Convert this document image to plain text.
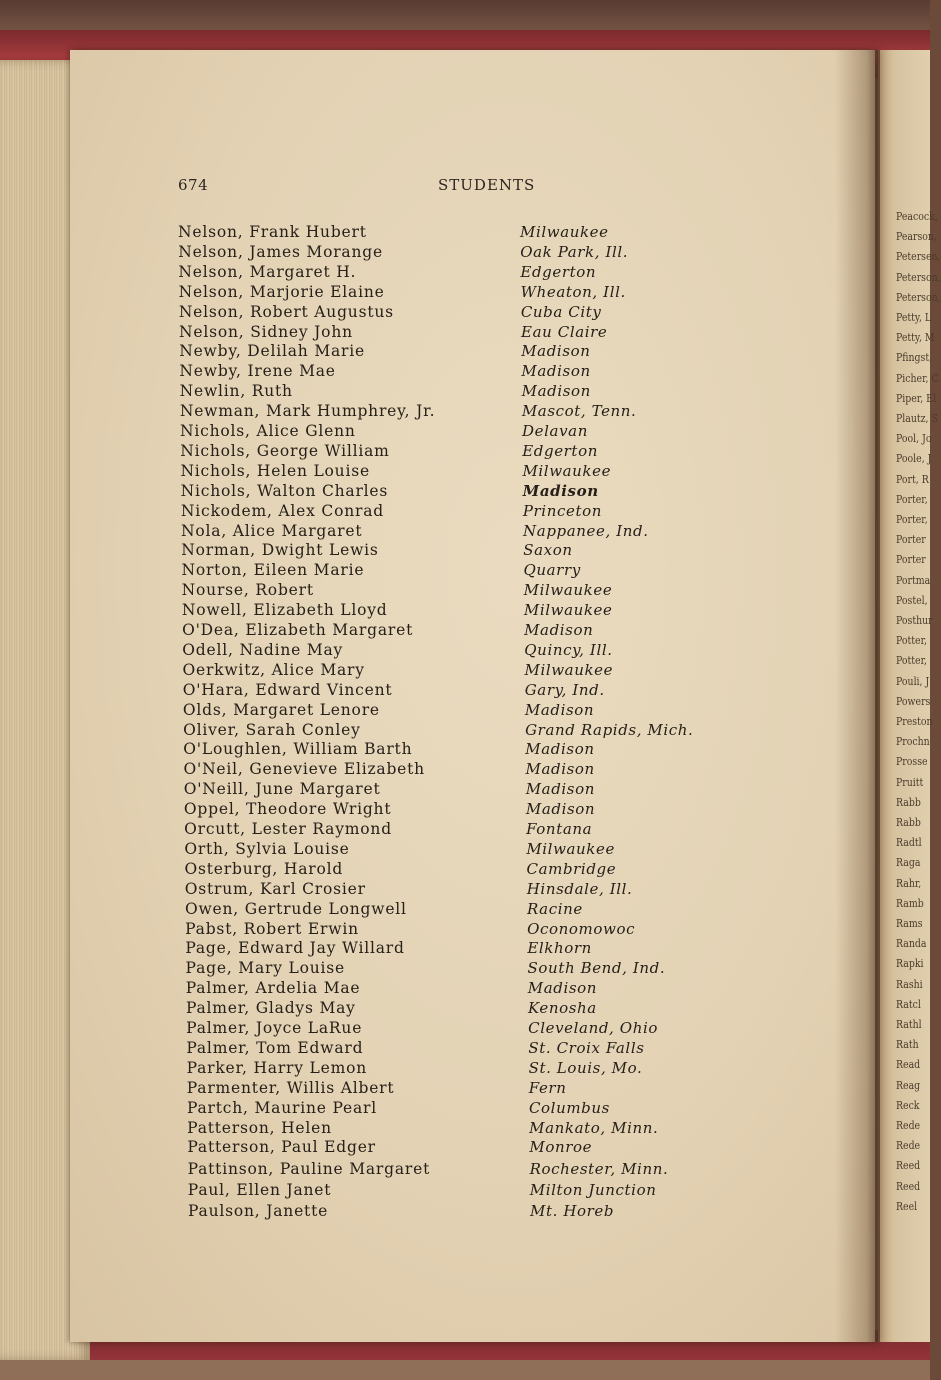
Peacock,
Pearson,
Petersen,
Peterson,
Peterson,
Petty, L
Petty, M
Pfingst,
Picher, C
Piper, El
Plautz, S
Pool, Jo
Poole, J
Port, R
Porter,
Porter,
Porter
Porter
Portma
Postel,
Posthur
Potter,
Potter,
Pouli, J
Powers
Preston
Prochn
Prosse
Pruitt
Rabb
Rabb
Radtl
Raga
Rahr,
Ramb
Rams
Randa
Rapki
Rashi
Ratcl
Rathl
Rath
Read
Reag
Reck
Rede
Rede
Reed
Reed
Reel
674	STUDENTS
Nelson, Frank Hubert	Milwaukee
Nelson, James Morange	Oak Park, Ill.
Nelson, Margaret H.	Edgerton
Nelson, Marjorie Elaine	Wheaton, Ill.
Nelson, Robert Augustus	Cuba City
Nelson, Sidney John	Eau Claire
Newby, Delilah Marie	Madison
Newby, Irene Mae	Madison
Newlin, Ruth	Madison
Newman, Mark Humphrey, Jr.	Mascot, Tenn.
Nichols, Alice Glenn	Delavan
Nichols, George William	Edgerton
Nichols, Helen Louise	Milwaukee
Nichols, Walton Charles	Madison
Nickodem, Alex Conrad	Princeton
Nola, Alice Margaret	Nappanee, Ind.
Norman, Dwight Lewis	Saxon
Norton, Eileen Marie	Quarry
Nourse, Robert	Milwaukee
Nowell, Elizabeth Lloyd	Milwaukee
O'Dea, Elizabeth Margaret	Madison
Odell, Nadine May	Quincy, Ill.
Oerkwitz, Alice Mary	Milwaukee
O'Hara, Edward Vincent	Gary, Ind.
Olds, Margaret Lenore	Madison
Oliver, Sarah Conley	Grand Rapids, Mich.
O'Loughlen, William Barth	Madison
O'Neil, Genevieve Elizabeth	Madison
O'Neill, June Margaret	Madison
Oppel, Theodore Wright	Madison
Orcutt, Lester Raymond	Fontana
Orth, Sylvia Louise	Milwaukee
Osterburg, Harold	Cambridge
Ostrum, Karl Crosier	Hinsdale, Ill.
Owen, Gertrude Longwell	Racine
Pabst, Robert Erwin	Oconomowoc
Page, Edward Jay Willard	Elkhorn
Page, Mary Louise	South Bend, Ind.
Palmer, Ardelia Mae	Madison
Palmer, Gladys May	Kenosha
Palmer, Joyce LaRue	Cleveland, Ohio
Palmer, Tom Edward	St. Croix Falls
Parker, Harry Lemon	St. Louis, Mo.
Parmenter, Willis Albert	Fern
Partch, Maurine Pearl	Columbus
Patterson, Helen	Mankato, Minn.
Patterson, Paul Edger	Monroe
Pattinson, Pauline Margaret	Rochester, Minn.
Paul, Ellen Janet	Milton Junction
Paulson, Janette	Mt. Horeb
